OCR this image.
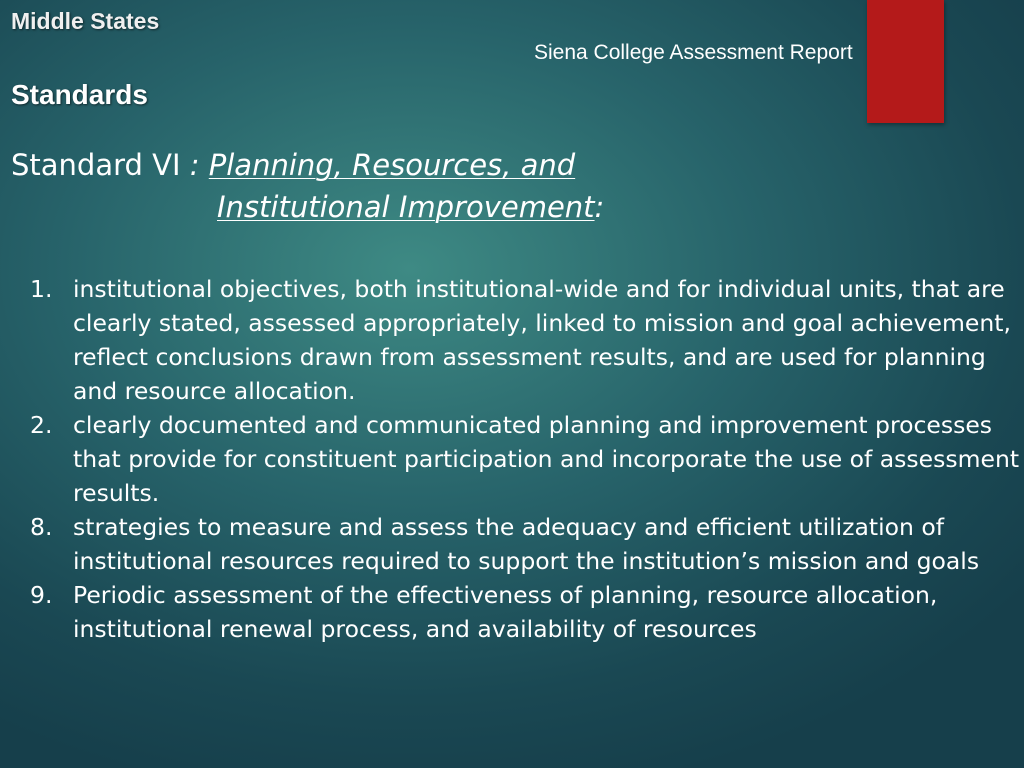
Middle States
Siena College Assessment Report
Standards
Standard VI : Planning, Resources, and
Institutional Improvement:
1. institutional objectives, both institutional-wide and for individual units, that are clearly stated, assessed appropriately, linked to mission and goal achievement, reflect conclusions drawn from assessment results, and are used for planning and resource allocation.
2. clearly documented and communicated planning and improvement processes that provide for constituent participation and incorporate the use of assessment results.
8. strategies to measure and assess the adequacy and efficient utilization of institutional resources required to support the institution’s mission and goals
9. Periodic assessment of the effectiveness of planning, resource allocation, institutional renewal process, and availability of resources
